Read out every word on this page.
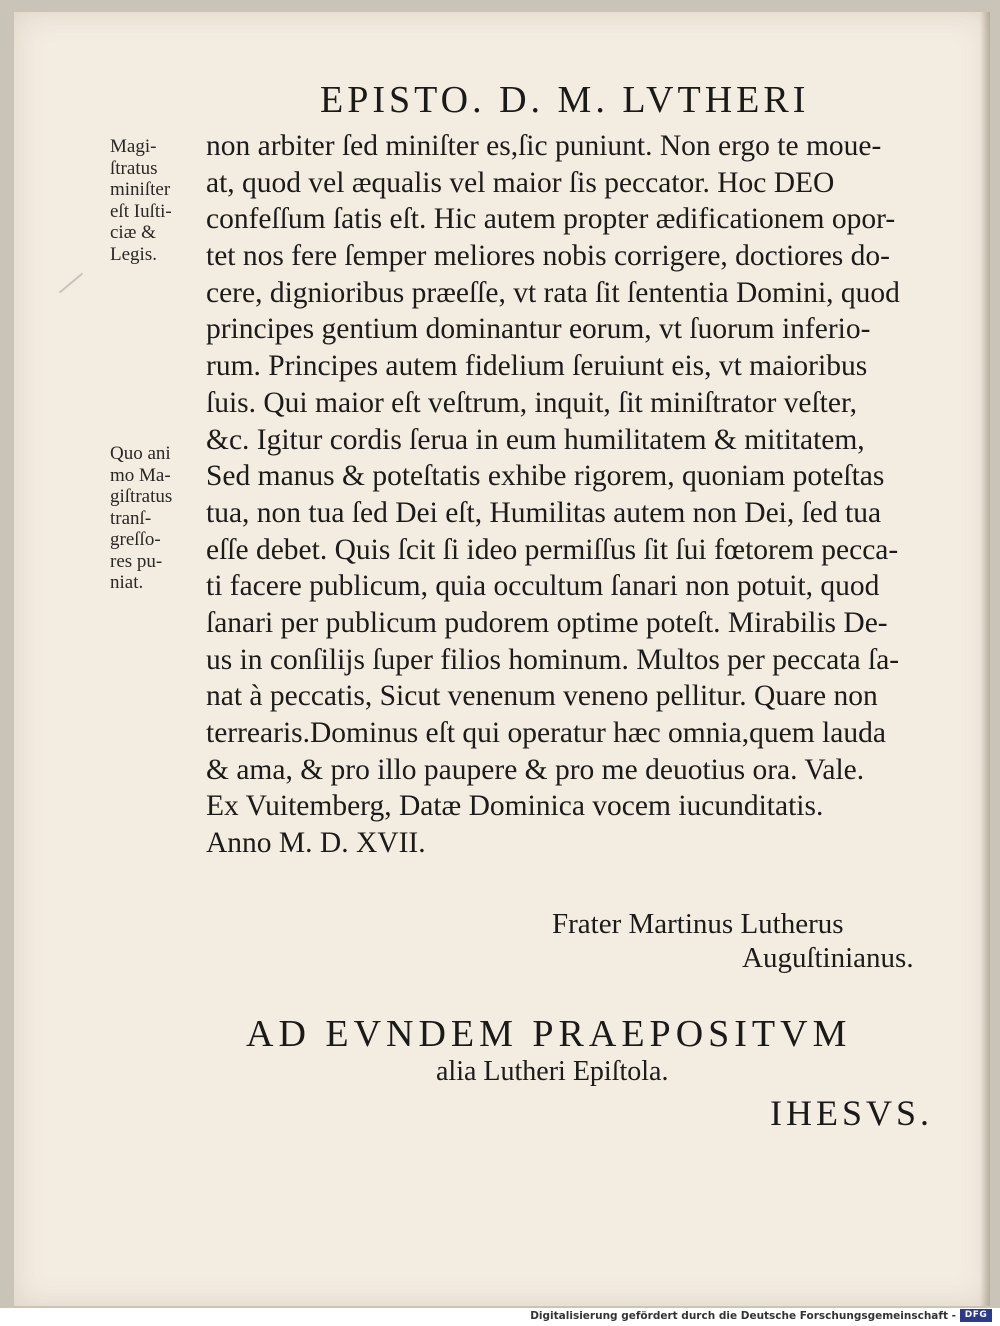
EPISTO. D. M. LVTHERI
Magi-
ſtratus
miniſter
eſt Iuſti-
ciæ &
Legis.
Quo ani
mo Ma-
giſtratus
tranſ-
greſſo-
res pu-
niat.
non arbiter ſed miniſter es,ſic puniunt. Non ergo te moue-
at, quod vel æqualis vel maior ſis peccator. Hoc DEO
confeſſum ſatis eſt. Hic autem propter ædificationem opor-
tet nos fere ſemper meliores nobis corrigere, doctiores do-
cere, dignioribus præeſſe, vt rata ſit ſententia Domini, quod
principes gentium dominantur eorum, vt ſuorum inferio-
rum. Principes autem fidelium ſeruiunt eis, vt maioribus
ſuis. Qui maior eſt veſtrum, inquit, ſit miniſtrator veſter,
&c. Igitur cordis ſerua in eum humilitatem & mititatem,
Sed manus & poteſtatis exhibe rigorem, quoniam poteſtas
tua, non tua ſed Dei eſt, Humilitas autem non Dei, ſed tua
eſſe debet. Quis ſcit ſi ideo permiſſus ſit ſui fœtorem pecca-
ti facere publicum, quia occultum ſanari non potuit, quod
ſanari per publicum pudorem optime poteſt. Mirabilis De-
us in conſilijs ſuper filios hominum. Multos per peccata ſa-
nat à peccatis, Sicut venenum veneno pellitur. Quare non
terrearis.Dominus eſt qui operatur hæc omnia,quem lauda
& ama, & pro illo paupere & pro me deuotius ora. Vale.
Ex Vuitemberg, Datæ Dominica vocem iucunditatis.
Anno M. D. XVII.
Frater Martinus Lutherus
Auguſtinianus.
AD EVNDEM PRAEPOSITVM
alia Lutheri Epiſtola.
IHESVS.
Digitalisierung gefördert durch die Deutsche Forschungsgemeinschaft - DFG
